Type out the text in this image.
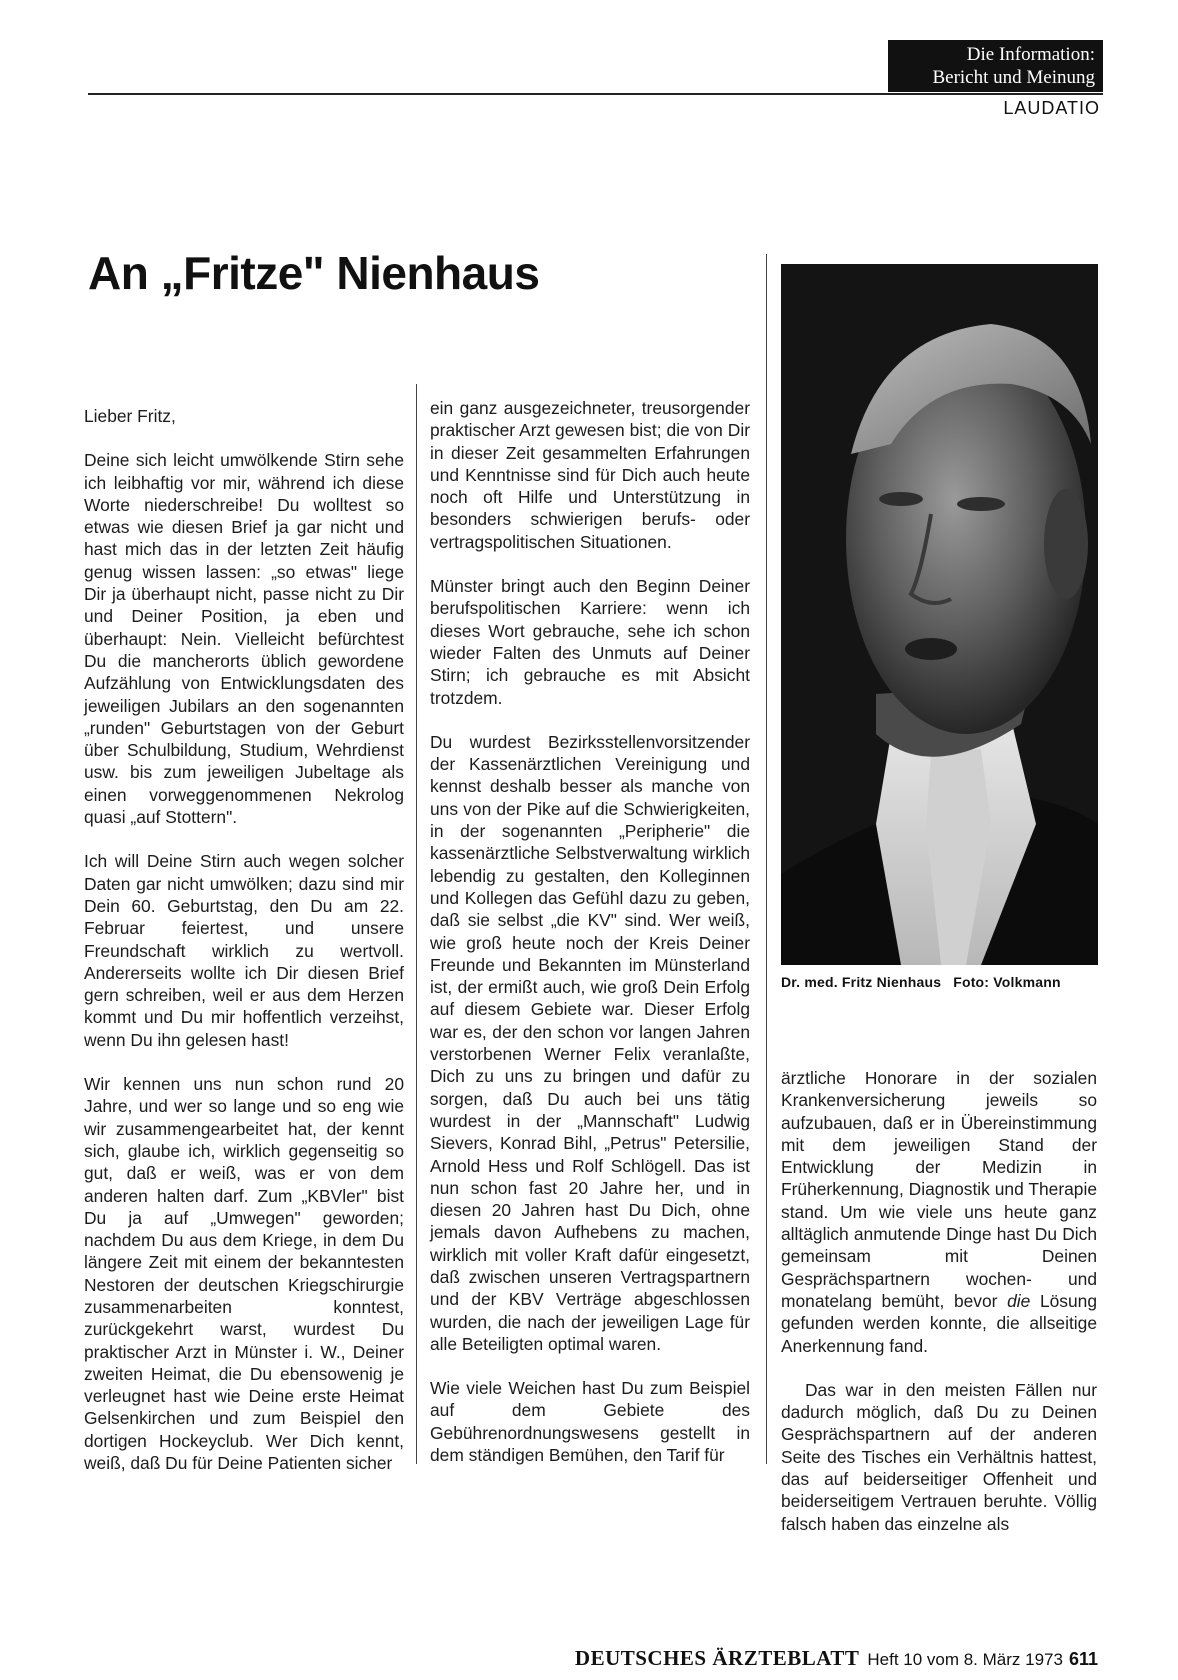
Die Information:
Bericht und Meinung
LAUDATIO
An „Fritze" Nienhaus

Lieber Fritz,

Deine sich leicht umwölkende Stirn sehe ich leibhaftig vor mir, während ich diese Worte niederschreibe! Du wolltest so etwas wie diesen Brief ja gar nicht und hast mich das in der letzten Zeit häufig genug wissen lassen: „so etwas" liege Dir ja überhaupt nicht, passe nicht zu Dir und Deiner Position, ja eben und überhaupt: Nein. Vielleicht befürchtest Du die mancherorts üblich gewordene Aufzählung von Entwicklungsdaten des jeweiligen Jubilars an den sogenannten „runden" Geburtstagen von der Geburt über Schulbildung, Studium, Wehrdienst usw. bis zum jeweiligen Jubeltage als einen vorweggenommenen Nekrolog quasi „auf Stottern".

Ich will Deine Stirn auch wegen solcher Daten gar nicht umwölken; dazu sind mir Dein 60. Geburtstag, den Du am 22. Februar feiertest, und unsere Freundschaft wirklich zu wertvoll. Andererseits wollte ich Dir diesen Brief gern schreiben, weil er aus dem Herzen kommt und Du mir hoffentlich verzeihst, wenn Du ihn gelesen hast!

Wir kennen uns nun schon rund 20 Jahre, und wer so lange und so eng wie wir zusammengearbeitet hat, der kennt sich, glaube ich, wirklich gegenseitig so gut, daß er weiß, was er von dem anderen halten darf. Zum „KBVler" bist Du ja auf „Umwegen" geworden; nachdem Du aus dem Kriege, in dem Du längere Zeit mit einem der bekanntesten Nestoren der deutschen Kriegschirurgie zusammenarbeiten konntest, zurückgekehrt warst, wurdest Du praktischer Arzt in Münster i. W., Deiner zweiten Heimat, die Du ebensowenig je verleugnet hast wie Deine erste Heimat Gelsenkirchen und zum Beispiel den dortigen Hockeyclub. Wer Dich kennt, weiß, daß Du für Deine Patienten sicher

ein ganz ausgezeichneter, treusorgender praktischer Arzt gewesen bist; die von Dir in dieser Zeit gesammelten Erfahrungen und Kenntnisse sind für Dich auch heute noch oft Hilfe und Unterstützung in besonders schwierigen berufs- oder vertragspolitischen Situationen.

Münster bringt auch den Beginn Deiner berufspolitischen Karriere: wenn ich dieses Wort gebrauche, sehe ich schon wieder Falten des Unmuts auf Deiner Stirn; ich gebrauche es mit Absicht trotzdem.

Du wurdest Bezirksstellenvorsitzender der Kassenärztlichen Vereinigung und kennst deshalb besser als manche von uns von der Pike auf die Schwierigkeiten, in der sogenannten „Peripherie" die kassenärztliche Selbstverwaltung wirklich lebendig zu gestalten, den Kolleginnen und Kollegen das Gefühl dazu zu geben, daß sie selbst „die KV" sind. Wer weiß, wie groß heute noch der Kreis Deiner Freunde und Bekannten im Münsterland ist, der ermißt auch, wie groß Dein Erfolg auf diesem Gebiete war. Dieser Erfolg war es, der den schon vor langen Jahren verstorbenen Werner Felix veranlaßte, Dich zu uns zu bringen und dafür zu sorgen, daß Du auch bei uns tätig wurdest in der „Mannschaft" Ludwig Sievers, Konrad Bihl, „Petrus" Petersilie, Arnold Hess und Rolf Schlögell. Das ist nun schon fast 20 Jahre her, und in diesen 20 Jahren hast Du Dich, ohne jemals davon Aufhebens zu machen, wirklich mit voller Kraft dafür eingesetzt, daß zwischen unseren Vertragspartnern und der KBV Verträge abgeschlossen wurden, die nach der jeweiligen Lage für alle Beteiligten optimal waren.

Wie viele Weichen hast Du zum Beispiel auf dem Gebiete des Gebührenordnungswesens gestellt in dem ständigen Bemühen, den Tarif für

Dr. med. Fritz Nienhaus Foto: Volkmann

ärztliche Honorare in der sozialen Krankenversicherung jeweils so aufzubauen, daß er in Übereinstimmung mit dem jeweiligen Stand der Entwicklung der Medizin in Früherkennung, Diagnostik und Therapie stand. Um wie viele uns heute ganz alltäglich anmutende Dinge hast Du Dich gemeinsam mit Deinen Gesprächspartnern wochen- und monatelang bemüht, bevor die Lösung gefunden werden konnte, die allseitige Anerkennung fand.

Das war in den meisten Fällen nur dadurch möglich, daß Du zu Deinen Gesprächspartnern auf der anderen Seite des Tisches ein Verhältnis hattest, das auf beiderseitiger Offenheit und beiderseitigem Vertrauen beruhte. Völlig falsch haben das einzelne als

DEUTSCHES ÄRZTEBLATT Heft 10 vom 8. März 1973 611
